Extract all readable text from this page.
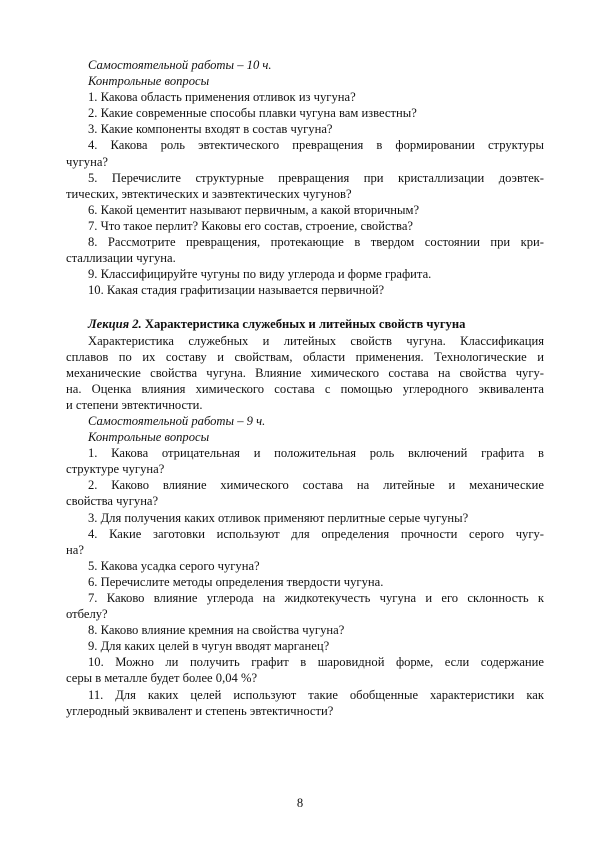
Самостоятельной работы – 10 ч.
Контрольные вопросы
1. Какова область применения отливок из чугуна?
2. Какие современные способы плавки чугуна вам известны?
3. Какие компоненты входят в состав чугуна?
4. Какова роль эвтектического превращения в формировании структуры
чугуна?
5. Перечислите структурные превращения при кристаллизации доэвтек-
тических, эвтектических и заэвтектических чугунов?
6. Какой цементит называют первичным, а какой вторичным?
7. Что такое перлит? Каковы его состав, строение, свойства?
8. Рассмотрите превращения, протекающие в твердом состоянии при кри-
сталлизации чугуна.
9. Классифицируйте чугуны по виду углерода и форме графита.
10. Какая стадия графитизации называется первичной?
Лекция 2. Характеристика служебных и литейных свойств чугуна
Характеристика служебных и литейных свойств чугуна. Классификация
сплавов по их составу и свойствам, области применения. Технологические и
механические свойства чугуна. Влияние химического состава на свойства чугу-
на. Оценка влияния химического состава с помощью углеродного эквивалента
и степени эвтектичности.
Самостоятельной работы – 9 ч.
Контрольные вопросы
1. Какова отрицательная и положительная роль включений графита в
структуре чугуна?
2. Каково влияние химического состава на литейные и механические
свойства чугуна?
3. Для получения каких отливок применяют перлитные серые чугуны?
4. Какие заготовки используют для определения прочности серого чугу-
на?
5. Какова усадка серого чугуна?
6. Перечислите методы определения твердости чугуна.
7. Каково влияние углерода на жидкотекучесть чугуна и его склонность к
отбелу?
8. Каково влияние кремния на свойства чугуна?
9. Для каких целей в чугун вводят марганец?
10. Можно ли получить графит в шаровидной форме, если содержание
серы в металле будет более 0,04 %?
11. Для каких целей используют такие обобщенные характеристики как
углеродный эквивалент и степень эвтектичности?
8
